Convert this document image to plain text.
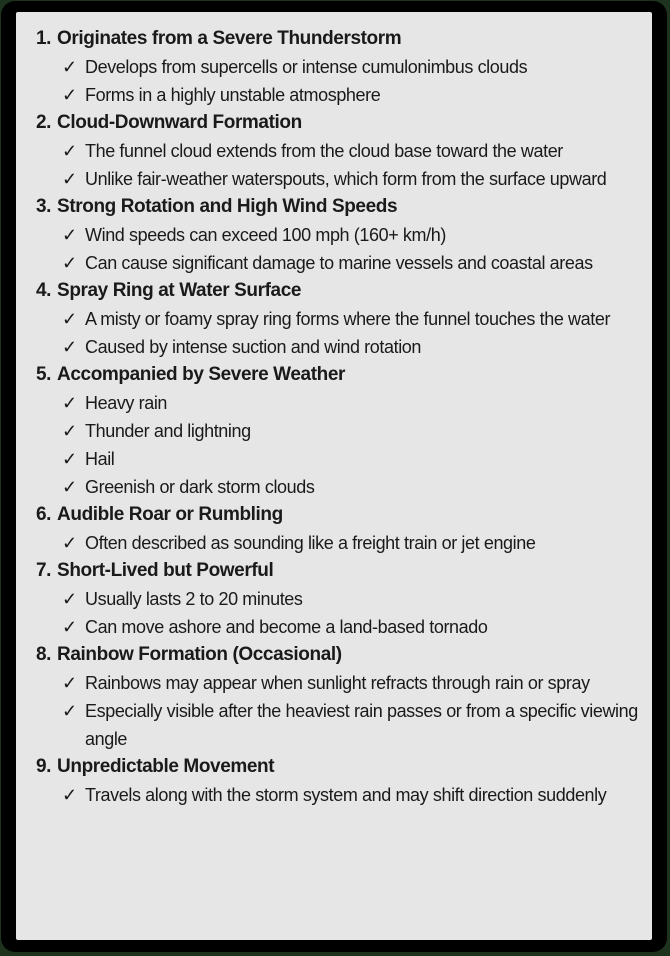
1. Originates from a Severe Thunderstorm
✓ Develops from supercells or intense cumulonimbus clouds
✓ Forms in a highly unstable atmosphere
2. Cloud-Downward Formation
✓ The funnel cloud extends from the cloud base toward the water
✓ Unlike fair-weather waterspouts, which form from the surface upward
3. Strong Rotation and High Wind Speeds
✓ Wind speeds can exceed 100 mph (160+ km/h)
✓ Can cause significant damage to marine vessels and coastal areas
4. Spray Ring at Water Surface
✓ A misty or foamy spray ring forms where the funnel touches the water
✓ Caused by intense suction and wind rotation
5. Accompanied by Severe Weather
✓ Heavy rain
✓ Thunder and lightning
✓ Hail
✓ Greenish or dark storm clouds
6. Audible Roar or Rumbling
✓ Often described as sounding like a freight train or jet engine
7. Short-Lived but Powerful
✓ Usually lasts 2 to 20 minutes
✓ Can move ashore and become a land-based tornado
8. Rainbow Formation (Occasional)
✓ Rainbows may appear when sunlight refracts through rain or spray
✓ Especially visible after the heaviest rain passes or from a specific viewing angle
9. Unpredictable Movement
✓ Travels along with the storm system and may shift direction suddenly
